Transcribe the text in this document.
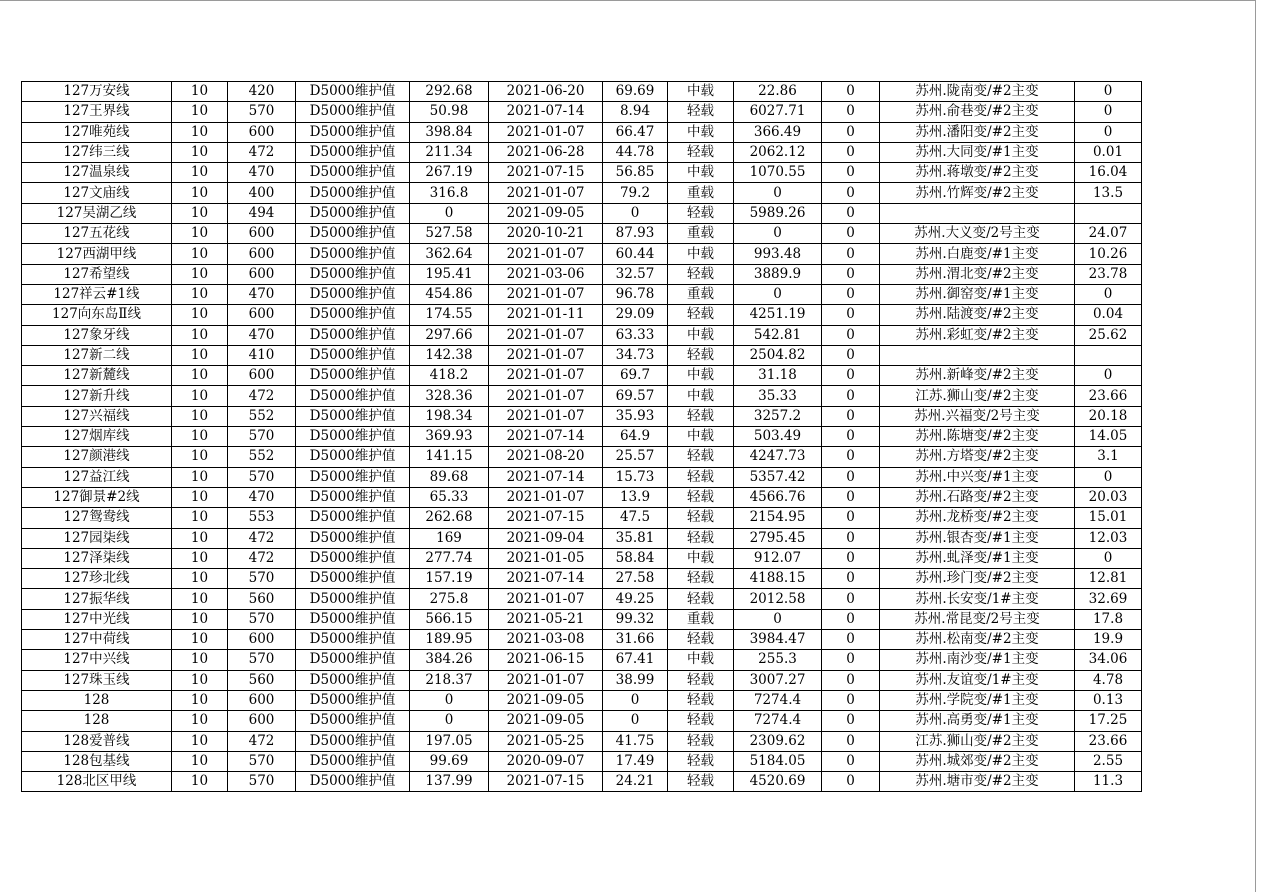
127万安线	10	420	D5000维护值	292.68	2021-06-20	69.69	中载	22.86	0	苏州.陇南变/#2主变	0
127王界线	10	570	D5000维护值	50.98	2021-07-14	8.94	轻载	6027.71	0	苏州.俞巷变/#2主变	0
127唯苑线	10	600	D5000维护值	398.84	2021-01-07	66.47	中载	366.49	0	苏州.潘阳变/#2主变	0
127纬三线	10	472	D5000维护值	211.34	2021-06-28	44.78	轻载	2062.12	0	苏州.大同变/#1主变	0.01
127温泉线	10	470	D5000维护值	267.19	2021-07-15	56.85	中载	1070.55	0	苏州.蒋墩变/#2主变	16.04
127文庙线	10	400	D5000维护值	316.8	2021-01-07	79.2	重载	0	0	苏州.竹辉变/#2主变	13.5
127吴湖乙线	10	494	D5000维护值	0	2021-09-05	0	轻载	5989.26	0		
127五花线	10	600	D5000维护值	527.58	2020-10-21	87.93	重载	0	0	苏州.大义变/2号主变	24.07
127西湖甲线	10	600	D5000维护值	362.64	2021-01-07	60.44	中载	993.48	0	苏州.白鹿变/#1主变	10.26
127希望线	10	600	D5000维护值	195.41	2021-03-06	32.57	轻载	3889.9	0	苏州.渭北变/#2主变	23.78
127祥云#1线	10	470	D5000维护值	454.86	2021-01-07	96.78	重载	0	0	苏州.御窑变/#1主变	0
127向东岛Ⅱ线	10	600	D5000维护值	174.55	2021-01-11	29.09	轻载	4251.19	0	苏州.陆渡变/#2主变	0.04
127象牙线	10	470	D5000维护值	297.66	2021-01-07	63.33	中载	542.81	0	苏州.彩虹变/#2主变	25.62
127新二线	10	410	D5000维护值	142.38	2021-01-07	34.73	轻载	2504.82	0		
127新麓线	10	600	D5000维护值	418.2	2021-01-07	69.7	中载	31.18	0	苏州.新峰变/#2主变	0
127新升线	10	472	D5000维护值	328.36	2021-01-07	69.57	中载	35.33	0	江苏.狮山变/#2主变	23.66
127兴福线	10	552	D5000维护值	198.34	2021-01-07	35.93	轻载	3257.2	0	苏州.兴福变/2号主变	20.18
127烟库线	10	570	D5000维护值	369.93	2021-07-14	64.9	中载	503.49	0	苏州.陈塘变/#2主变	14.05
127颜港线	10	552	D5000维护值	141.15	2021-08-20	25.57	轻载	4247.73	0	苏州.方塔变/#2主变	3.1
127益江线	10	570	D5000维护值	89.68	2021-07-14	15.73	轻载	5357.42	0	苏州.中兴变/#1主变	0
127御景#2线	10	470	D5000维护值	65.33	2021-01-07	13.9	轻载	4566.76	0	苏州.石路变/#2主变	20.03
127鸳鸯线	10	553	D5000维护值	262.68	2021-07-15	47.5	轻载	2154.95	0	苏州.龙桥变/#2主变	15.01
127园柒线	10	472	D5000维护值	169	2021-09-04	35.81	轻载	2795.45	0	苏州.银杏变/#1主变	12.03
127泽柒线	10	472	D5000维护值	277.74	2021-01-05	58.84	中载	912.07	0	苏州.虬泽变/#1主变	0
127珍北线	10	570	D5000维护值	157.19	2021-07-14	27.58	轻载	4188.15	0	苏州.珍门变/#2主变	12.81
127振华线	10	560	D5000维护值	275.8	2021-01-07	49.25	轻载	2012.58	0	苏州.长安变/1#主变	32.69
127中光线	10	570	D5000维护值	566.15	2021-05-21	99.32	重载	0	0	苏州.常昆变/2号主变	17.8
127中荷线	10	600	D5000维护值	189.95	2021-03-08	31.66	轻载	3984.47	0	苏州.松南变/#2主变	19.9
127中兴线	10	570	D5000维护值	384.26	2021-06-15	67.41	中载	255.3	0	苏州.南沙变/#1主变	34.06
127珠玉线	10	560	D5000维护值	218.37	2021-01-07	38.99	轻载	3007.27	0	苏州.友谊变/1#主变	4.78
128	10	600	D5000维护值	0	2021-09-05	0	轻载	7274.4	0	苏州.学院变/#1主变	0.13
128	10	600	D5000维护值	0	2021-09-05	0	轻载	7274.4	0	苏州.高勇变/#1主变	17.25
128爱普线	10	472	D5000维护值	197.05	2021-05-25	41.75	轻载	2309.62	0	江苏.狮山变/#2主变	23.66
128包基线	10	570	D5000维护值	99.69	2020-09-07	17.49	轻载	5184.05	0	苏州.城郊变/#2主变	2.55
128北区甲线	10	570	D5000维护值	137.99	2021-07-15	24.21	轻载	4520.69	0	苏州.塘市变/#2主变	11.3
